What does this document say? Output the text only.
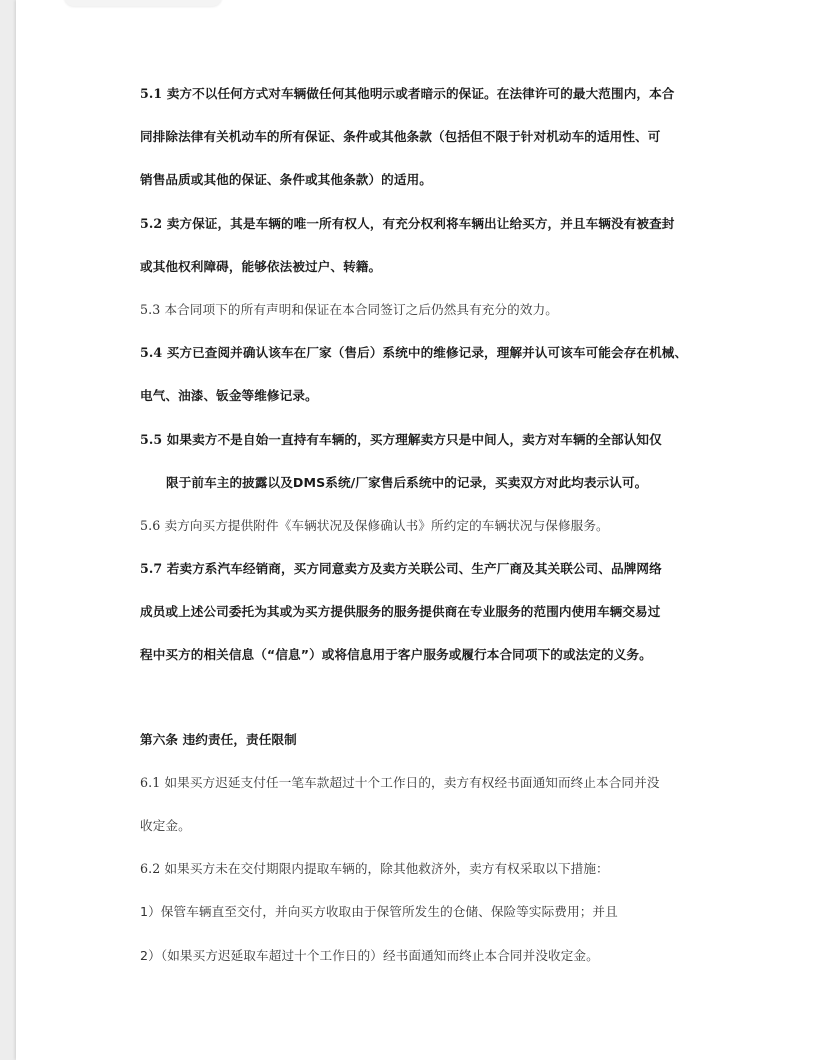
5.1 卖方不以任何方式对车辆做任何其他明示或者暗示的保证。在法律许可的最大范围内，本合
同排除法律有关机动车的所有保证、条件或其他条款（包括但不限于针对机动车的适用性、可
销售品质或其他的保证、条件或其他条款）的适用。
5.2 卖方保证，其是车辆的唯一所有权人，有充分权利将车辆出让给买方，并且车辆没有被查封
或其他权利障碍，能够依法被过户、转籍。
5.3 本合同项下的所有声明和保证在本合同签订之后仍然具有充分的效力。
5.4 买方已查阅并确认该车在厂家（售后）系统中的维修记录，理解并认可该车可能会存在机械、
电气、油漆、钣金等维修记录。
5.5 如果卖方不是自始一直持有车辆的，买方理解卖方只是中间人，卖方对车辆的全部认知仅
限于前车主的披露以及DMS系统/厂家售后系统中的记录，买卖双方对此均表示认可。
5.6 卖方向买方提供附件《车辆状况及保修确认书》所约定的车辆状况与保修服务。
5.7 若卖方系汽车经销商，买方同意卖方及卖方关联公司、生产厂商及其关联公司、品牌网络
成员或上述公司委托为其或为买方提供服务的服务提供商在专业服务的范围内使用车辆交易过
程中买方的相关信息（“信息”）或将信息用于客户服务或履行本合同项下的或法定的义务。
第六条 违约责任，责任限制
6.1 如果买方迟延支付任一笔车款超过十个工作日的，卖方有权经书面通知而终止本合同并没
收定金。
6.2 如果买方未在交付期限内提取车辆的，除其他救济外，卖方有权采取以下措施：
1）保管车辆直至交付，并向买方收取由于保管所发生的仓储、保险等实际费用；并且
2）（如果买方迟延取车超过十个工作日的）经书面通知而终止本合同并没收定金。
